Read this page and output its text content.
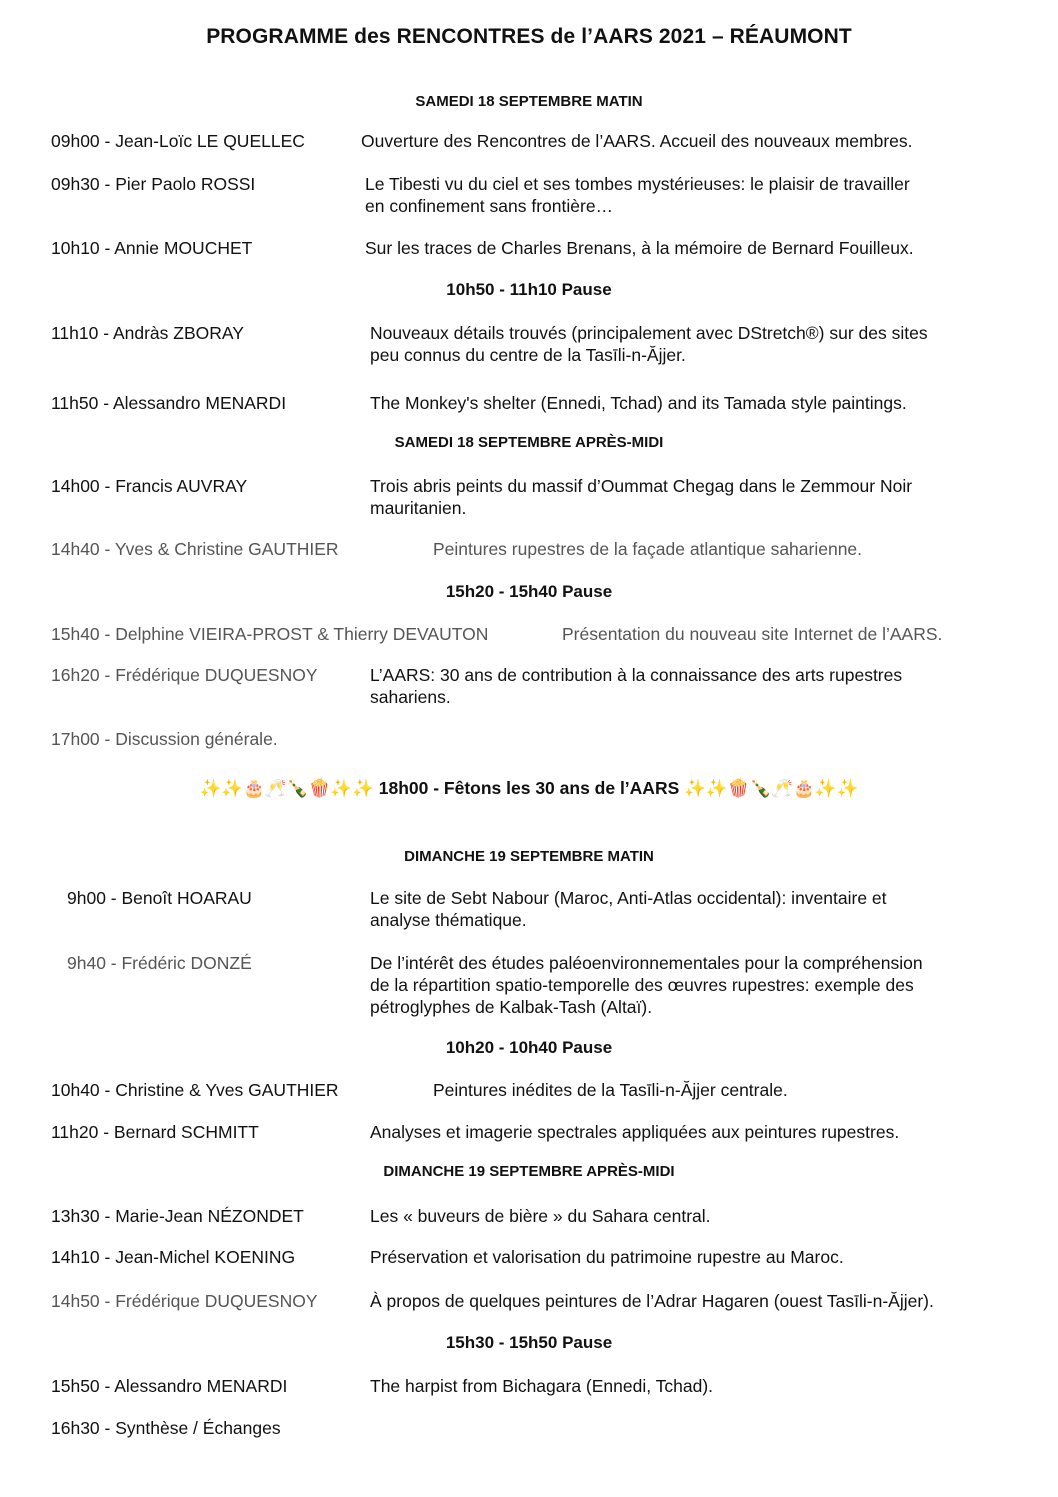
PROGRAMME des RENCONTRES de l’AARS 2021 – RÉAUMONT
SAMEDI 18 SEPTEMBRE MATIN
09h00 - Jean-Loïc LE QUELLEC	Ouverture des Rencontres de l’AARS. Accueil des nouveaux membres.
09h30 - Pier Paolo ROSSI	Le Tibesti vu du ciel et ses tombes mystérieuses: le plaisir de travailler
en confinement sans frontière…
10h10 - Annie MOUCHET	Sur les traces de Charles Brenans, à la mémoire de Bernard Fouilleux.
10h50 - 11h10 Pause
11h10 - Andràs ZBORAY	Nouveaux détails trouvés (principalement avec DStretch®) sur des sites
peu connus du centre de la Tasīli-n-Ăjjer.
11h50 - Alessandro MENARDI	The Monkey's shelter (Ennedi, Tchad) and its Tamada style paintings.
SAMEDI 18 SEPTEMBRE APRÈS-MIDI
14h00 - Francis AUVRAY	Trois abris peints du massif d’Oummat Chegag dans le Zemmour Noir
mauritanien.
14h40 - Yves & Christine GAUTHIER	Peintures rupestres de la façade atlantique saharienne.
15h20 - 15h40 Pause
15h40 - Delphine VIEIRA-PROST & Thierry DEVAUTON	Présentation du nouveau site Internet de l’AARS.
16h20 - Frédérique DUQUESNOY	L’AARS: 30 ans de contribution à la connaissance des arts rupestres
sahariens.
17h00 - Discussion générale.
✨✨🎂🥂🍾🍿✨✨ 18h00 - Fêtons les 30 ans de l’AARS ✨✨🍿🍾🥂🎂✨✨
DIMANCHE 19 SEPTEMBRE MATIN
9h00 - Benoît HOARAU	Le site de Sebt Nabour (Maroc, Anti-Atlas occidental): inventaire et
analyse thématique.
9h40 - Frédéric DONZÉ	De l’intérêt des études paléoenvironnementales pour la compréhension
de la répartition spatio-temporelle des œuvres rupestres: exemple des
pétroglyphes de Kalbak-Tash (Altaï).
10h20 - 10h40 Pause
10h40 - Christine & Yves GAUTHIER	Peintures inédites de la Tasīli-n-Ăjjer centrale.
11h20 - Bernard SCHMITT	Analyses et imagerie spectrales appliquées aux peintures rupestres.
DIMANCHE 19 SEPTEMBRE APRÈS-MIDI
13h30 - Marie-Jean NÉZONDET	Les « buveurs de bière » du Sahara central.
14h10 - Jean-Michel KOENING	Préservation et valorisation du patrimoine rupestre au Maroc.
14h50 - Frédérique DUQUESNOY	À propos de quelques peintures de l’Adrar Hagaren (ouest Tasīli-n-Ăjjer).
15h30 - 15h50 Pause
15h50 - Alessandro MENARDI	The harpist from Bichagara (Ennedi, Tchad).
16h30 - Synthèse / Échanges
